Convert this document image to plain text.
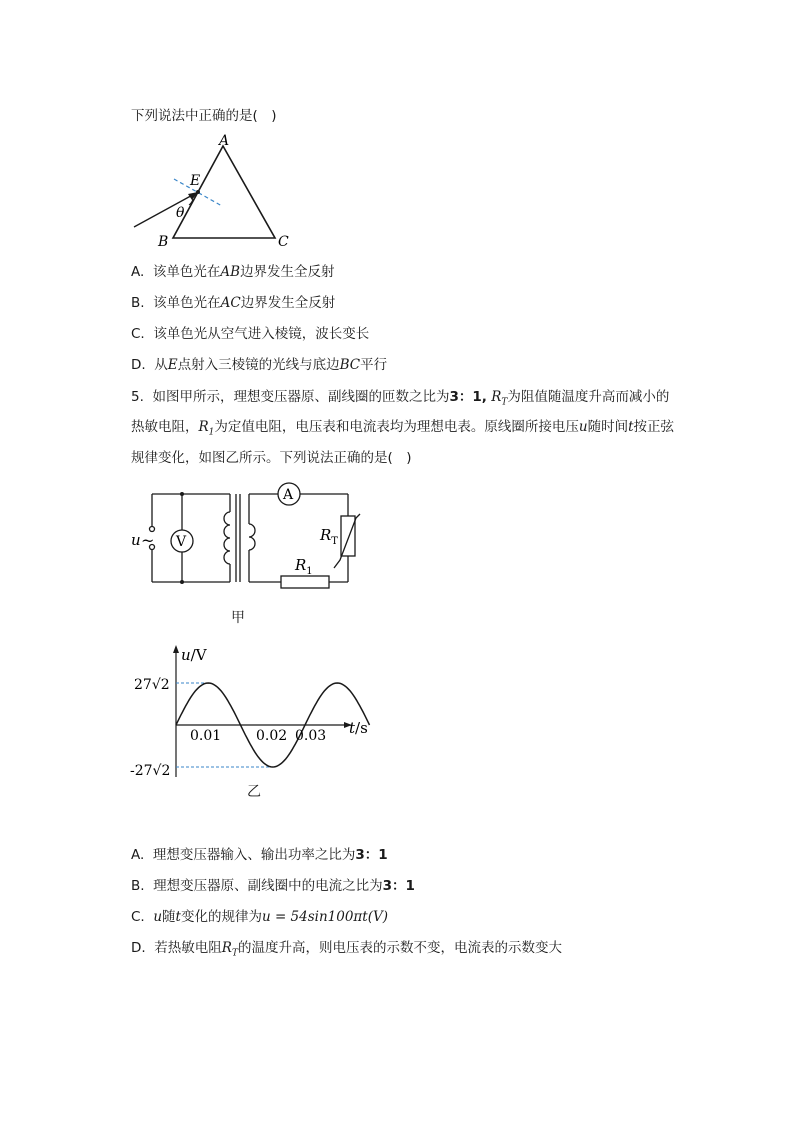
下列说法中正确的是(　)
A
E
θ
B	C
A. 该单色光在AB边界发生全反射
B. 该单色光在AC边界发生全反射
C. 该单色光从空气进入棱镜，波长变长
D. 从E点射入三棱镜的光线与底边BC平行
5. 如图甲所示，理想变压器原、副线圈的匝数之比为3：1, $R_T$为阻值随温度升高而减小的
热敏电阻，$R_1$为定值电阻，电压表和电流表均为理想电表。原线圈所接电压u随时间t按正弦
规律变化，如图乙所示。下列说法正确的是(　)
u ~ V
A
$R_T$
$R_1$
甲
u/V
t/s
27√2
-27√2
0.01 0.02 0.03
乙
A. 理想变压器输入、输出功率之比为3：1
B. 理想变压器原、副线圈中的电流之比为3：1
C. u随t变化的规律为u = 54sin100πt(V)
D. 若热敏电阻$R_T$的温度升高，则电压表的示数不变，电流表的示数变大
